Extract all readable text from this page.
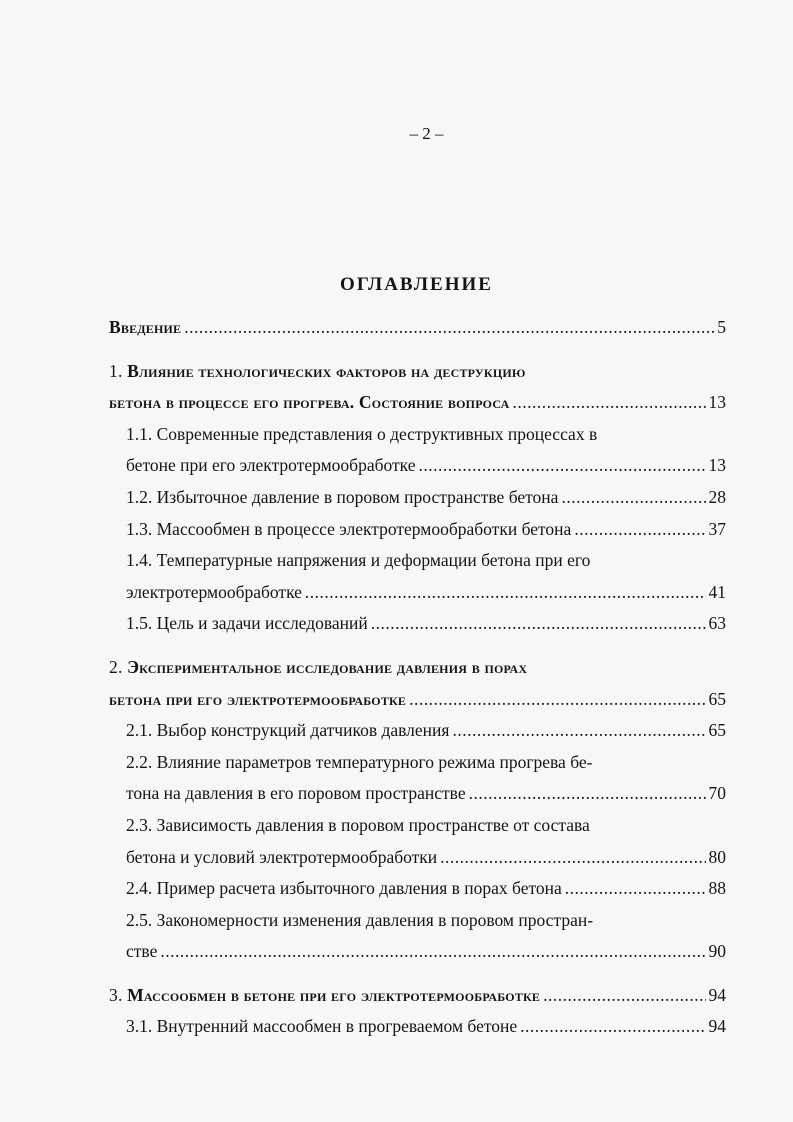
– 2 –
ОГЛАВЛЕНИЕ
Введение .....	5
1. Влияние технологических факторов на деструкцию
бетона в процессе его прогрева. Состояние вопроса .....	13
1.1. Современные представления о деструктивных процессах в
бетоне при его электротермообработке .....	13
1.2. Избыточное давление в поровом пространстве бетона .....	28
1.3. Массообмен в процессе электротермообработки бетона .....	37
1.4. Температурные напряжения и деформации бетона при его
электротермообработке .....	41
1.5. Цель и задачи исследований .....	63
2. Экспериментальное исследование давления в порах
бетона при его электротермообработке .....	65
2.1. Выбор конструкций датчиков давления .....	65
2.2. Влияние параметров температурного режима прогрева бе-
тона на давления в его поровом пространстве .....	70
2.3. Зависимость давления в поровом пространстве от состава
бетона и условий электротермообработки .....	80
2.4. Пример расчета избыточного давления в порах бетона .....	88
2.5. Закономерности изменения давления в поровом простран-
стве .....	90
3. Массообмен в бетоне при его электротермообработке .....	94
3.1. Внутренний массообмен в прогреваемом бетоне .....	94
